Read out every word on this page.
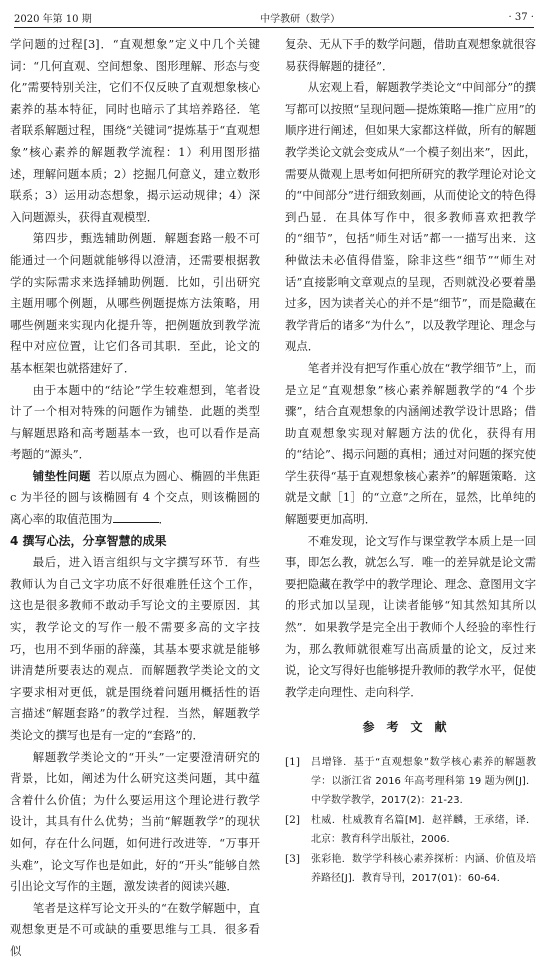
2020 年第 10 期	中学教研（数学）	· 37 ·

学问题的过程[3]．“直观想象”定义中几个关键词：“几何直观、空间想象、图形理解、形态与变化”需要特别关注，它们不仅反映了直观想象核心素养的基本特征，同时也暗示了其培养路径．笔者联系解题过程，围绕“关键词”提炼基于“直观想象”核心素养的解题教学流程：1）利用图形描述，理解问题本质；2）挖掘几何意义，建立数形联系；3）运用动态想象，揭示运动规律；4）深入问题源头，获得直观模型．

第四步，甄选辅助例题．解题套路一般不可能通过一个问题就能够得以澄清，还需要根据教学的实际需求来选择辅助例题．比如，引出研究主题用哪个例题，从哪些例题提炼方法策略，用哪些例题来实现内化提升等，把例题放到教学流程中对应位置，让它们各司其职．至此，论文的基本框架也就搭建好了．

由于本题中的“结论”学生较难想到，笔者设计了一个相对特殊的问题作为铺垫．此题的类型与解题思路和高考题基本一致，也可以看作是高考题的“源头”．

铺垫性问题 若以原点为圆心、椭圆的半焦距 c 为半径的圆与该椭圆有 4 个交点，则该椭圆的离心率的取值范围为	．

4 撰写心法，分享智慧的成果

最后，进入语言组织与文字撰写环节．有些教师认为自己文字功底不好很难胜任这个工作，这也是很多教师不敢动手写论文的主要原因．其实，教学论文的写作一般不需要多高的文字技巧，也用不到华丽的辞藻，其基本要求就是能够讲清楚所要表达的观点．而解题教学类论文的文字要求相对更低，就是围绕着问题用概括性的语言描述“解题套路”的教学过程．当然，解题教学类论文的撰写也是有一定的“套路”的．

解题教学类论文的“开头”一定要澄清研究的背景，比如，阐述为什么研究这类问题，其中蕴含着什么价值；为什么要运用这个理论进行教学设计，其具有什么优势；当前“解题教学”的现状如何，存在什么问题，如何进行改进等．“万事开头难”，论文写作也是如此，好的“开头”能够自然引出论文写作的主题，激发读者的阅读兴趣．

笔者是这样写论文开头的“在数学解题中，直观想象更是不可或缺的重要思维与工具．很多看似

复杂、无从下手的数学问题，借助直观想象就很容易获得解题的捷径”．

从宏观上看，解题教学类论文“中间部分”的撰写都可以按照“呈现问题—提炼策略—推广应用”的顺序进行阐述，但如果大家都这样做，所有的解题教学类论文就会变成从“一个模子刻出来”，因此，需要从微观上思考如何把所研究的教学理论对论文的“中间部分”进行细致刻画，从而使论文的特色得到凸显．在具体写作中，很多教师喜欢把教学的“细节”，包括“师生对话”都一一描写出来．这种做法未必值得借鉴，除非这些“细节”“师生对话”直接影响文章观点的呈现，否则就没必要着墨过多，因为读者关心的并不是“细节”，而是隐藏在教学背后的诸多“为什么”，以及教学理论、理念与观点．

笔者并没有把写作重心放在“教学细节”上，而是立足“直观想象”核心素养解题教学的“4 个步骤”，结合直观想象的内涵阐述教学设计思路；借助直观想象实现对解题方法的优化，获得有用的“结论”、揭示问题的真相；通过对问题的探究使学生获得“基于直观想象核心素养”的解题策略．这就是文献［1］的“立意”之所在，显然，比单纯的解题要更加高明．

不难发现，论文写作与课堂教学本质上是一回事，即怎么教，就怎么写．唯一的差异就是论文需要把隐藏在教学中的教学理论、理念、意图用文字的形式加以呈现，让读者能够“知其然知其所以然”．如果教学是完全出于教师个人经验的率性行为，那么教师就很难写出高质量的论文，反过来说，论文写得好也能够提升教师的教学水平，促使教学走向理性、走向科学．

参考文献
[1]	吕增锋．基于“直观想象”数学核心素养的解题教学：以浙江省 2016 年高考理科第 19 题为例[J]．中学数学教学，2017(2)：21-23．
[2]	杜威．杜威教育名篇[M]．赵祥麟，王承绪，译．北京：教育科学出版社，2006．
[3]	张彩艳．数学学科核心素养探析：内涵、价值及培养路径[J]．教育导刊，2017(01)：60-64．
